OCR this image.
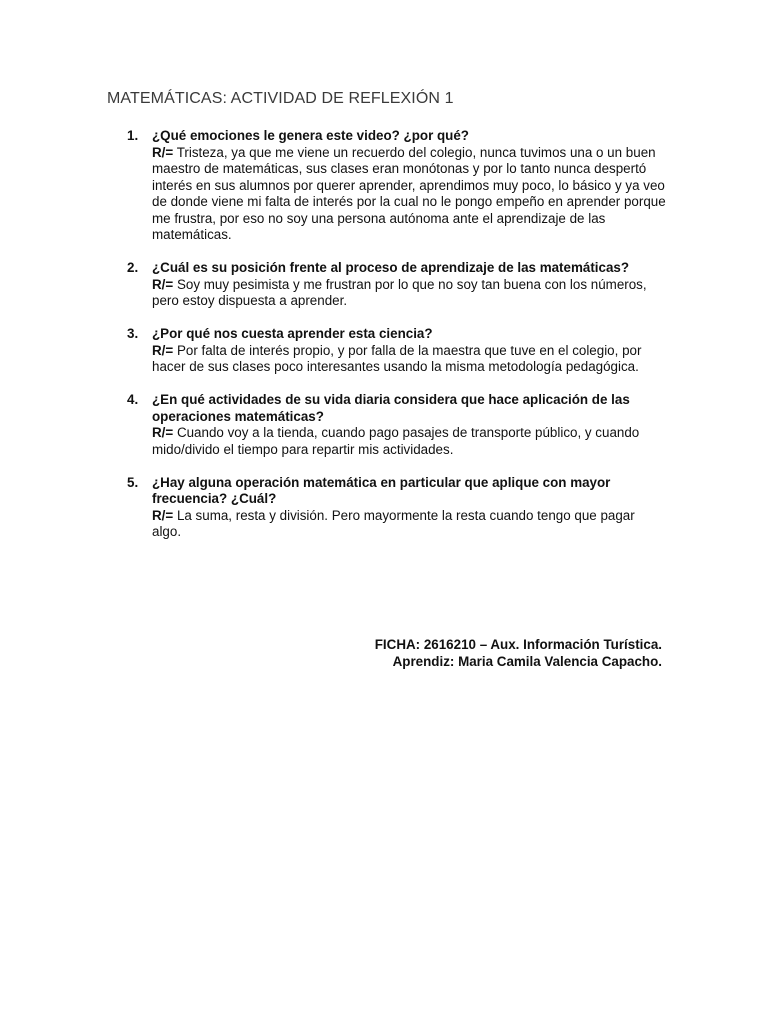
MATEMÁTICAS: ACTIVIDAD DE REFLEXIÓN 1
1. ¿Qué emociones le genera este video? ¿por qué?
R/= Tristeza, ya que me viene un recuerdo del colegio, nunca tuvimos una o un buen maestro de matemáticas, sus clases eran monótonas y por lo tanto nunca despertó interés en sus alumnos por querer aprender, aprendimos muy poco, lo básico y ya veo de donde viene mi falta de interés por la cual no le pongo empeño en aprender porque me frustra, por eso no soy una persona autónoma ante el aprendizaje de las matemáticas.
2. ¿Cuál es su posición frente al proceso de aprendizaje de las matemáticas?
R/= Soy muy pesimista y me frustran por lo que no soy tan buena con los números, pero estoy dispuesta a aprender.
3. ¿Por qué nos cuesta aprender esta ciencia?
R/= Por falta de interés propio, y por falla de la maestra que tuve en el colegio, por hacer de sus clases poco interesantes usando la misma metodología pedagógica.
4. ¿En qué actividades de su vida diaria considera que hace aplicación de las operaciones matemáticas?
R/= Cuando voy a la tienda, cuando pago pasajes de transporte público, y cuando mido/divido el tiempo para repartir mis actividades.
5. ¿Hay alguna operación matemática en particular que aplique con mayor frecuencia? ¿Cuál?
R/= La suma, resta y división. Pero mayormente la resta cuando tengo que pagar algo.
FICHA: 2616210 – Aux. Información Turística.
Aprendiz: Maria Camila Valencia Capacho.
